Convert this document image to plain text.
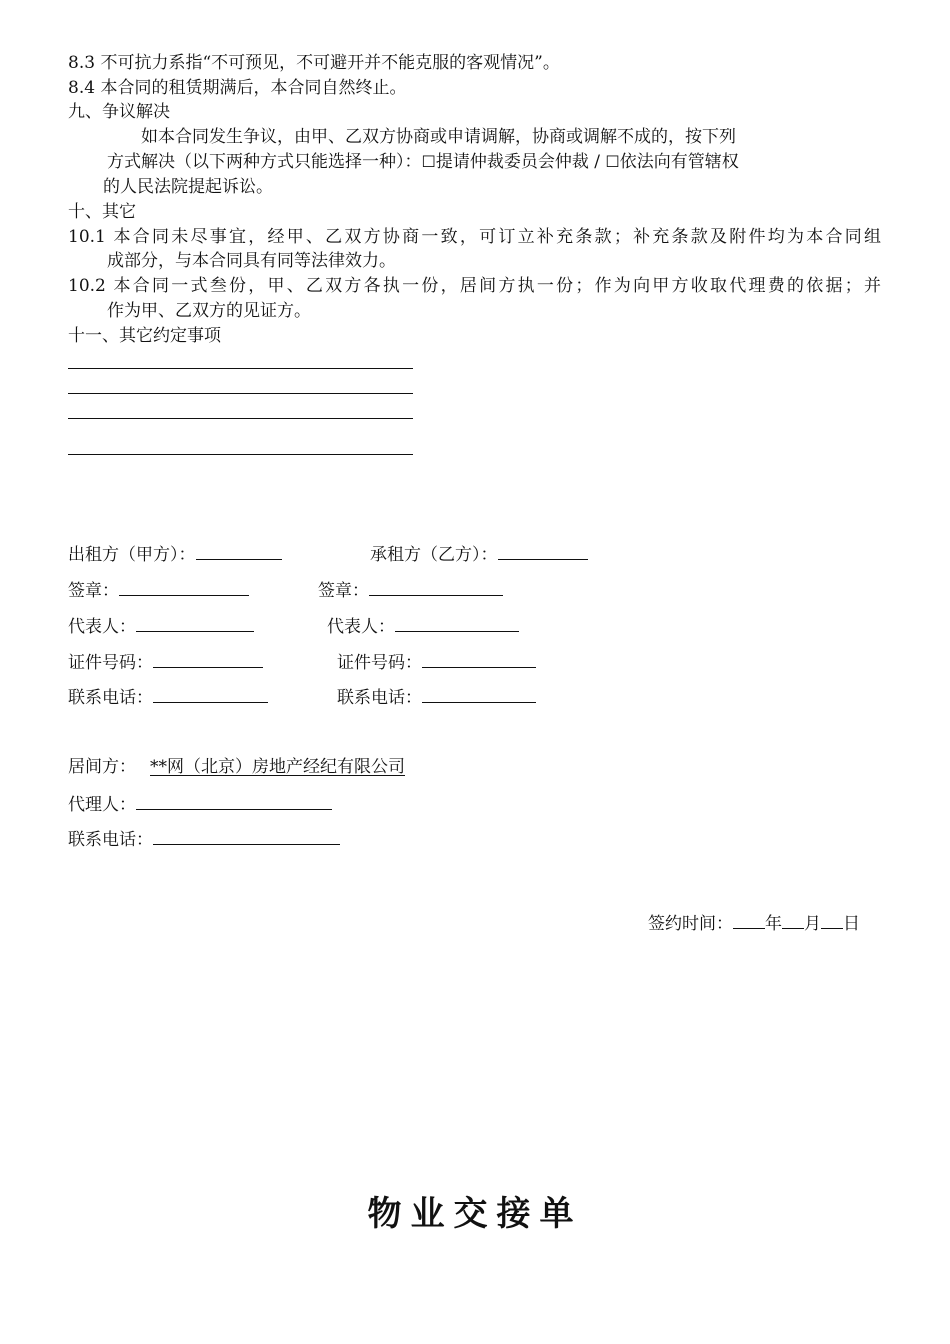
8.3 不可抗力系指“不可预见，不可避开并不能克服的客观情况”。
8.4 本合同的租赁期满后，本合同自然终止。
九、争议解决
如本合同发生争议，由甲、乙双方协商或申请调解，协商或调解不成的，按下列
方式解决（以下两种方式只能选择一种）：☐提请仲裁委员会仲裁 / ☐依法向有管辖权
的人民法院提起诉讼。
十、其它
10.1 本合同未尽事宜，经甲、乙双方协商一致，可订立补充条款；补充条款及附件均为本合同组
成部分，与本合同具有同等法律效力。
10.2 本合同一式叁份，甲、乙双方各执一份，居间方执一份；作为向甲方收取代理费的依据；并
作为甲、乙双方的见证方。
十一、其它约定事项
出租方（甲方）：	承租方（乙方）：
签章：	签章：
代表人：	代表人：
证件号码：	证件号码：
联系电话：	联系电话：
居间方： **网（北京）房地产经纪有限公司
代理人：
联系电话：
签约时间： 年 月 日
物业交接单
